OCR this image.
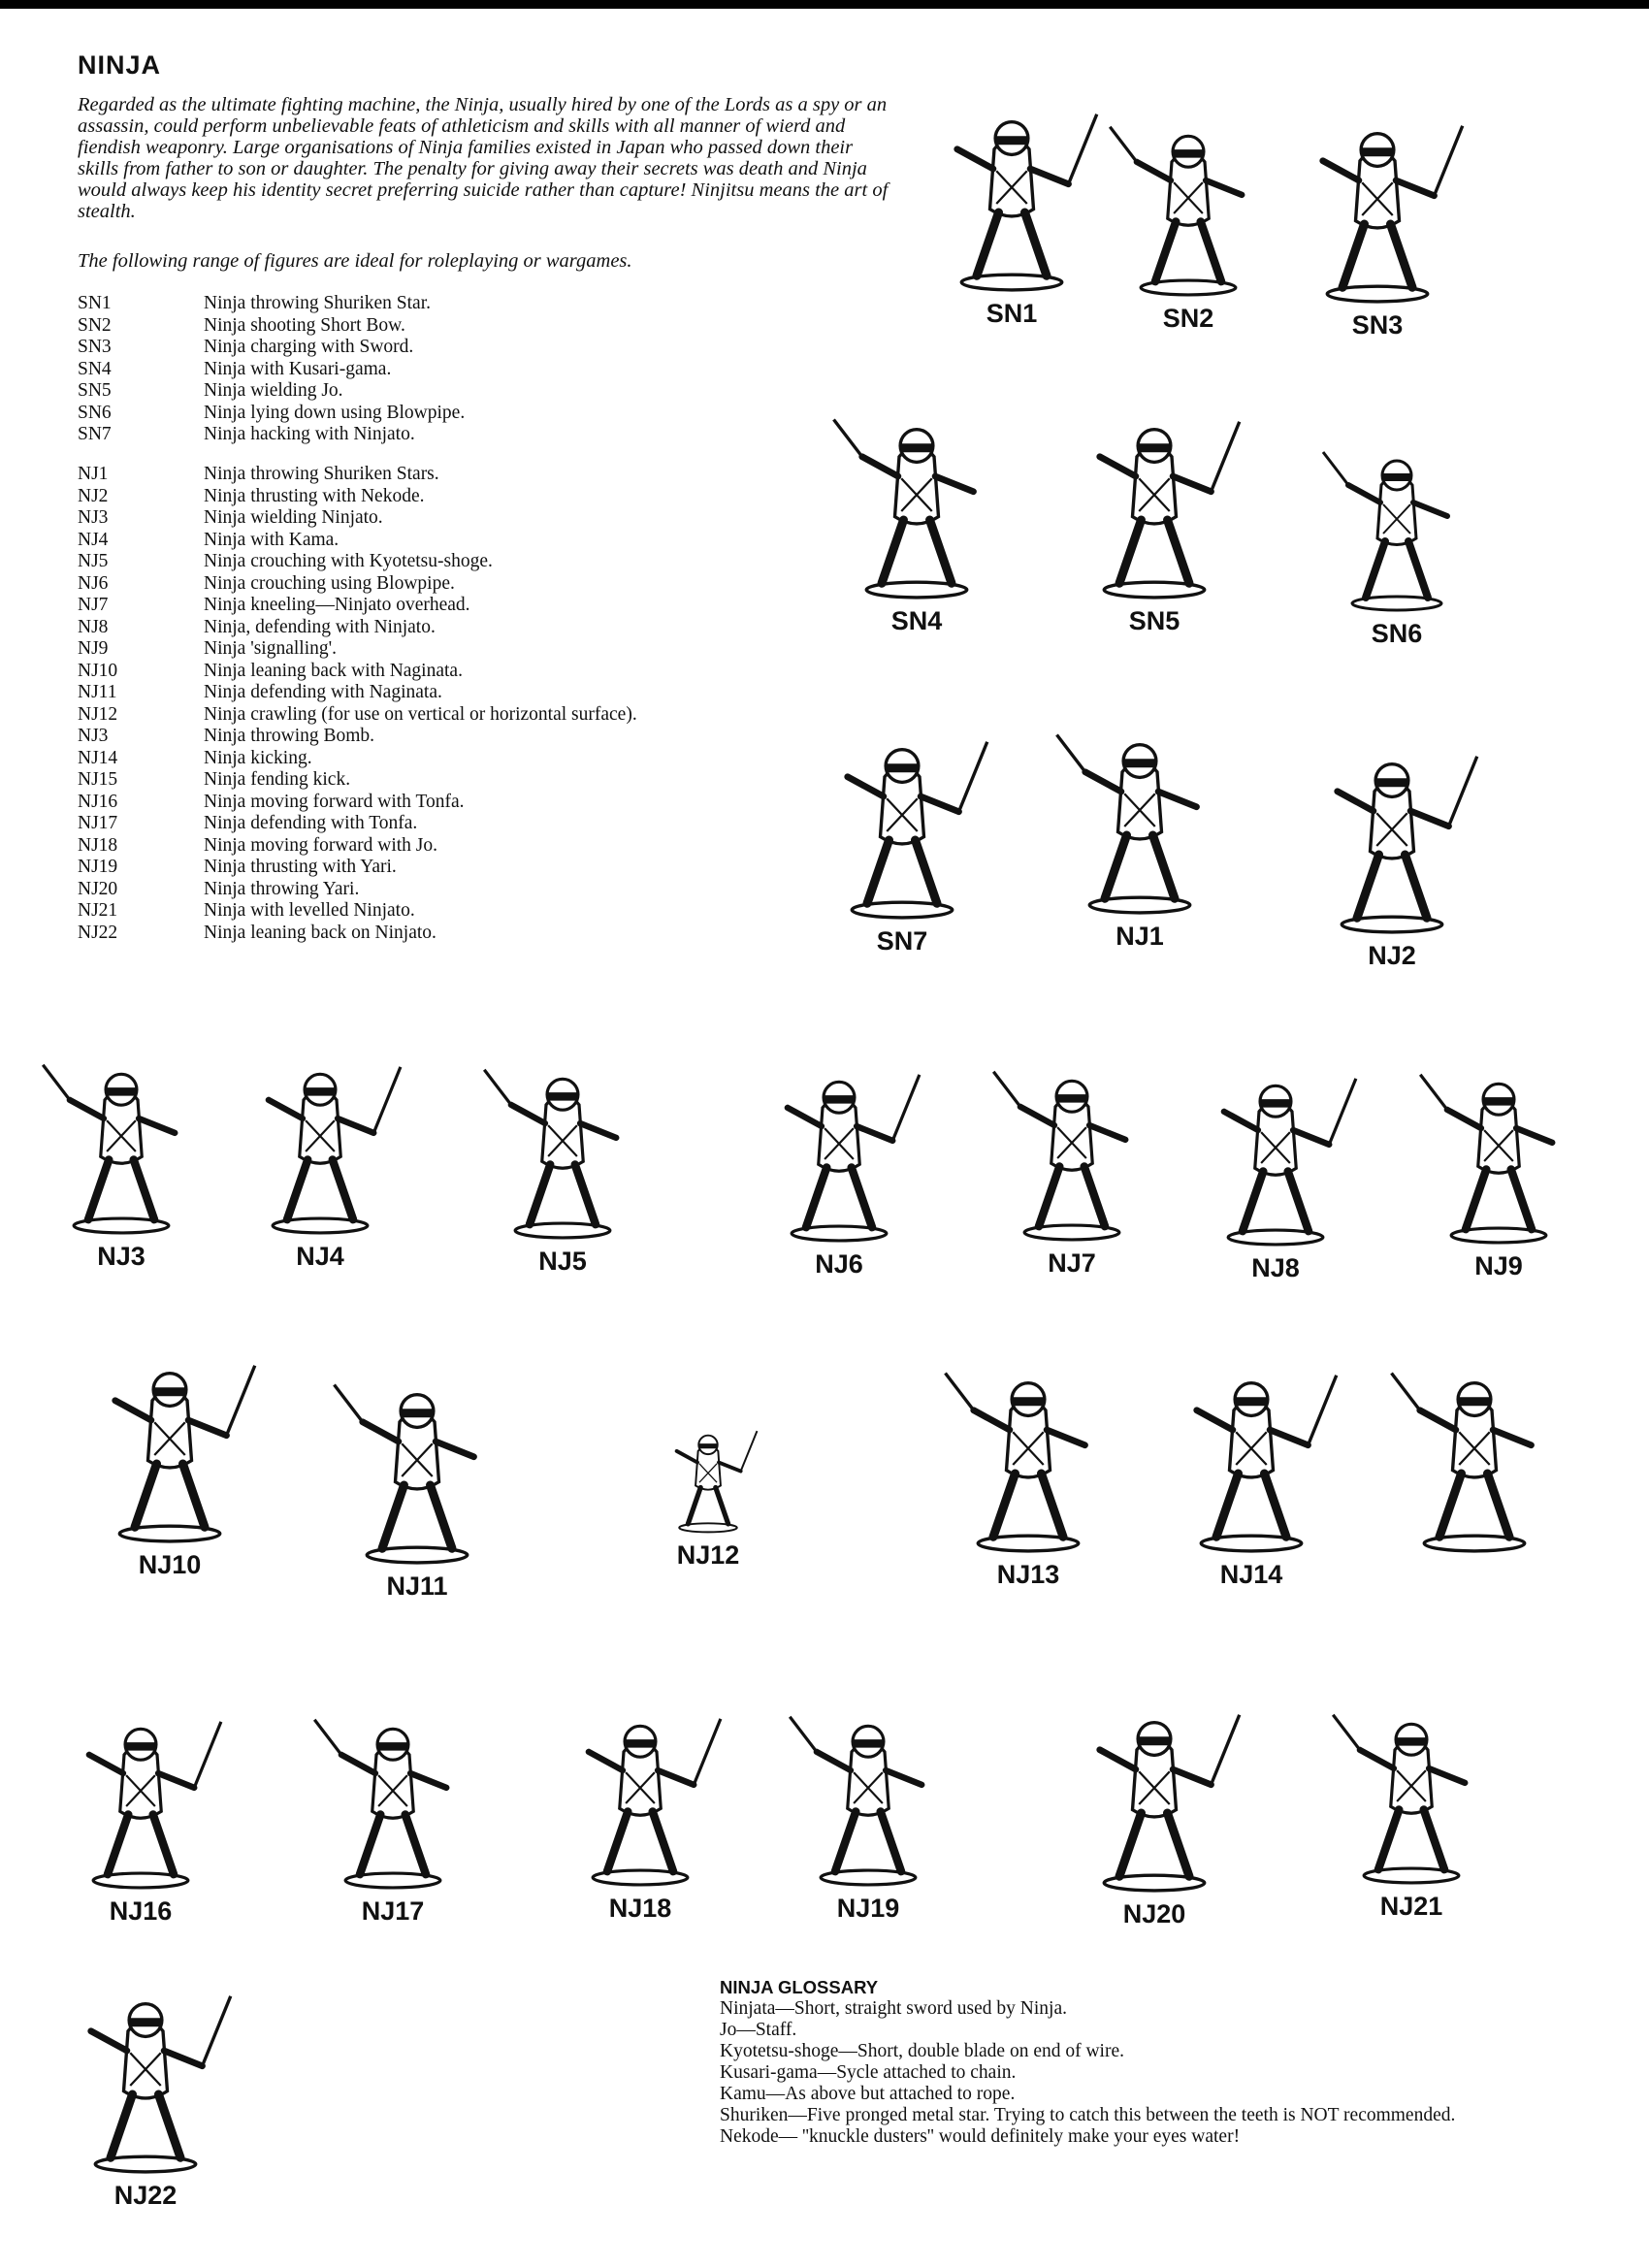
NINJA

Regarded as the ultimate fighting machine, the Ninja, usually hired by one of the Lords as a spy or an assassin, could perform unbelievable feats of athleticism and skills with all manner of wierd and fiendish weaponry. Large organisations of Ninja families existed in Japan who passed down their skills from father to son or daughter. The penalty for giving away their secrets was death and Ninja would always keep his identity secret preferring suicide rather than capture! Ninjitsu means the art of stealth.

The following range of figures are ideal for roleplaying or wargames.

SN1	Ninja throwing Shuriken Star.
SN2	Ninja shooting Short Bow.
SN3	Ninja charging with Sword.
SN4	Ninja with Kusari-gama.
SN5	Ninja wielding Jo.
SN6	Ninja lying down using Blowpipe.
SN7	Ninja hacking with Ninjato.
NJ1	Ninja throwing Shuriken Stars.
NJ2	Ninja thrusting with Nekode.
NJ3	Ninja wielding Ninjato.
NJ4	Ninja with Kama.
NJ5	Ninja crouching with Kyotetsu-shoge.
NJ6	Ninja crouching using Blowpipe.
NJ7	Ninja kneeling—Ninjato overhead.
NJ8	Ninja, defending with Ninjato.
NJ9	Ninja 'signalling'.
NJ10	Ninja leaning back with Naginata.
NJ11	Ninja defending with Naginata.
NJ12	Ninja crawling (for use on vertical or horizontal surface).
NJ3	Ninja throwing Bomb.
NJ14	Ninja kicking.
NJ15	Ninja fending kick.
NJ16	Ninja moving forward with Tonfa.
NJ17	Ninja defending with Tonfa.
NJ18	Ninja moving forward with Jo.
NJ19	Ninja thrusting with Yari.
NJ20	Ninja throwing Yari.
NJ21	Ninja with levelled Ninjato.
NJ22	Ninja leaning back on Ninjato.
SN1	SN2	SN3
SN4	SN5	SN6
SN7	NJ1
NJ2
NJ3	NJ4	NJ5	NJ6	NJ7	NJ8	NJ9
NJ10
NJ11
NJ12
NJ13	NJ14
NJ16	NJ17	NJ18	NJ19	NJ20	NJ21
NJ22
NINJA GLOSSARY

Ninjata—Short, straight sword used by Ninja.

Jo—Staff.

Kyotetsu-shoge—Short, double blade on end of wire.

Kusari-gama—Sycle attached to chain.

Kamu—As above but attached to rope.

Shuriken—Five pronged metal star. Trying to catch this between the teeth is NOT recommended.

Nekode— ''knuckle dusters'' would definitely make your eyes water!
